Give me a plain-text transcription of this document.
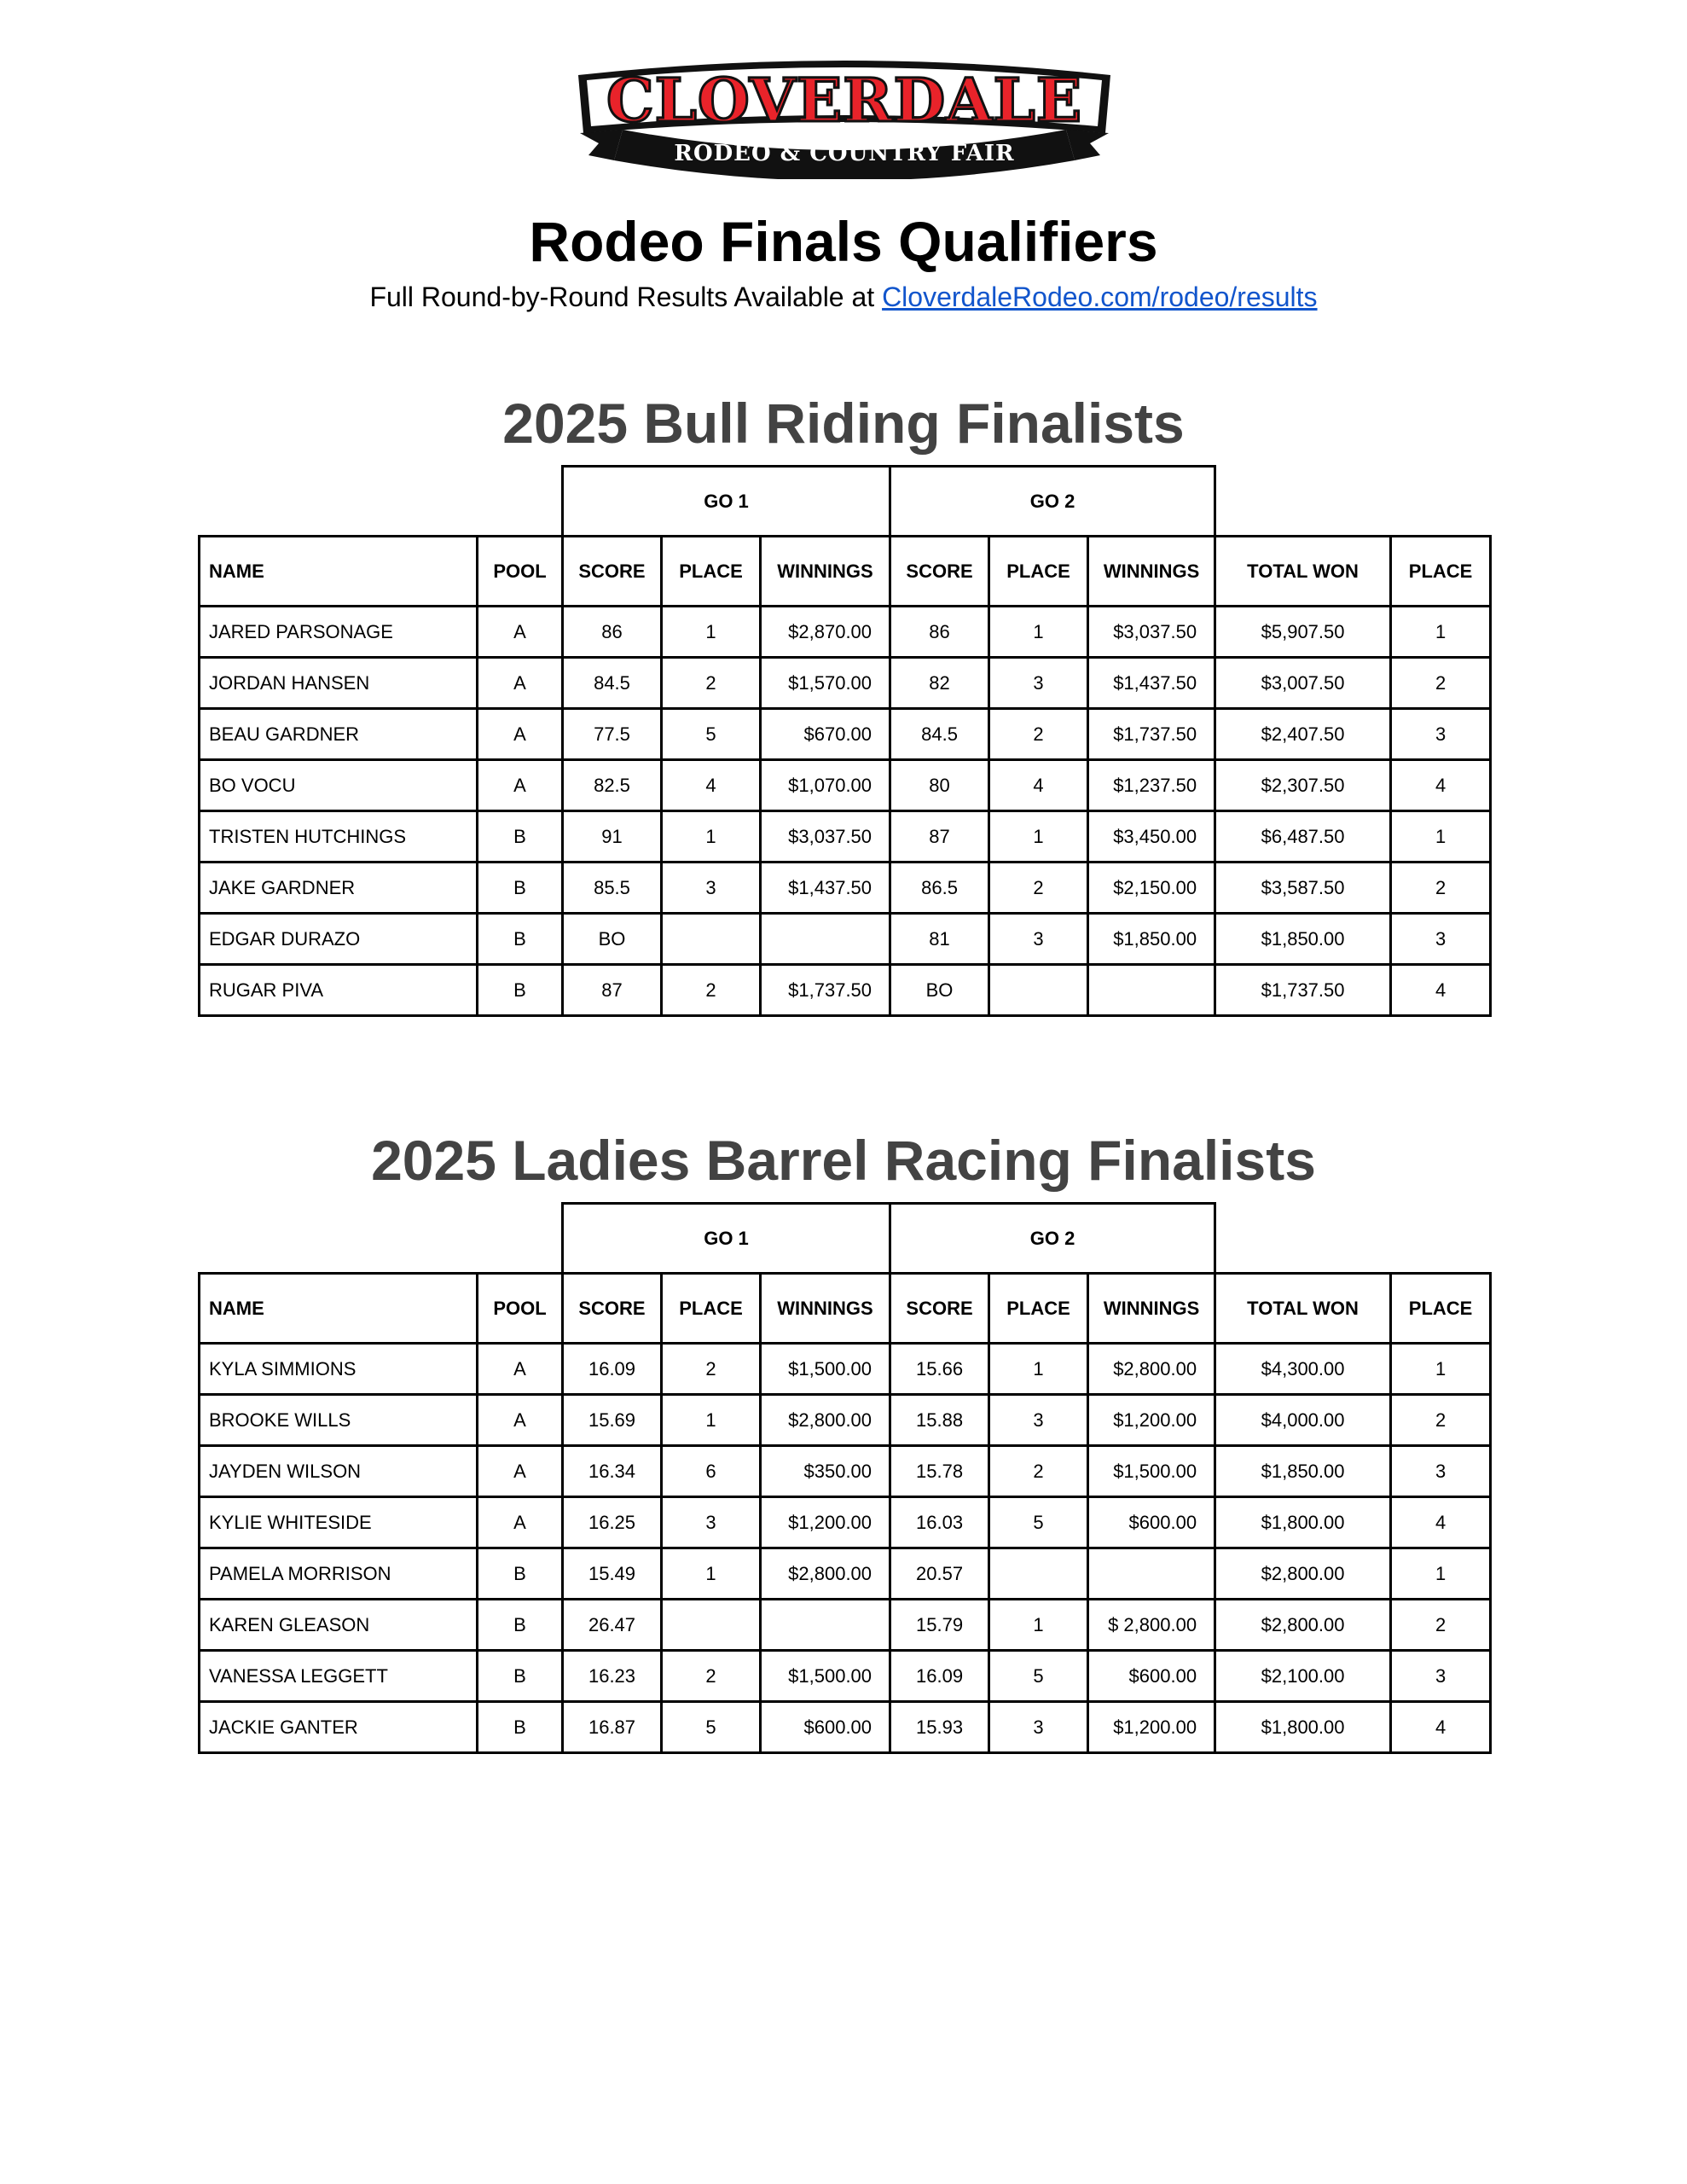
CLOVERDALE
RODEO & COUNTRY FAIR
Rodeo Finals Qualifiers
Full Round-by-Round Results Available at CloverdaleRodeo.com/rodeo/results
2025 Bull Riding Finalists
		GO 1			GO 2				
NAME	POOL	SCORE	PLACE	WINNINGS	SCORE	PLACE	WINNINGS	TOTAL WON	PLACE
JARED PARSONAGE	A	86	1	$2,870.00	86	1	$3,037.50	$5,907.50	1
JORDAN HANSEN	A	84.5	2	$1,570.00	82	3	$1,437.50	$3,007.50	2
BEAU GARDNER	A	77.5	5	$670.00	84.5	2	$1,737.50	$2,407.50	3
BO VOCU	A	82.5	4	$1,070.00	80	4	$1,237.50	$2,307.50	4
TRISTEN HUTCHINGS	B	91	1	$3,037.50	87	1	$3,450.00	$6,487.50	1
JAKE GARDNER	B	85.5	3	$1,437.50	86.5	2	$2,150.00	$3,587.50	2
EDGAR DURAZO	B	BO			81	3	$1,850.00	$1,850.00	3
RUGAR PIVA	B	87	2	$1,737.50	BO			$1,737.50	4
2025 Ladies Barrel Racing Finalists
		GO 1			GO 2				
NAME	POOL	SCORE	PLACE	WINNINGS	SCORE	PLACE	WINNINGS	TOTAL WON	PLACE
KYLA SIMMIONS	A	16.09	2	$1,500.00	15.66	1	$2,800.00	$4,300.00	1
BROOKE WILLS	A	15.69	1	$2,800.00	15.88	3	$1,200.00	$4,000.00	2
JAYDEN WILSON	A	16.34	6	$350.00	15.78	2	$1,500.00	$1,850.00	3
KYLIE WHITESIDE	A	16.25	3	$1,200.00	16.03	5	$600.00	$1,800.00	4
PAMELA MORRISON	B	15.49	1	$2,800.00	20.57			$2,800.00	1
KAREN GLEASON	B	26.47			15.79	1	$ 2,800.00	$2,800.00	2
VANESSA LEGGETT	B	16.23	2	$1,500.00	16.09	5	$600.00	$2,100.00	3
JACKIE GANTER	B	16.87	5	$600.00	15.93	3	$1,200.00	$1,800.00	4
